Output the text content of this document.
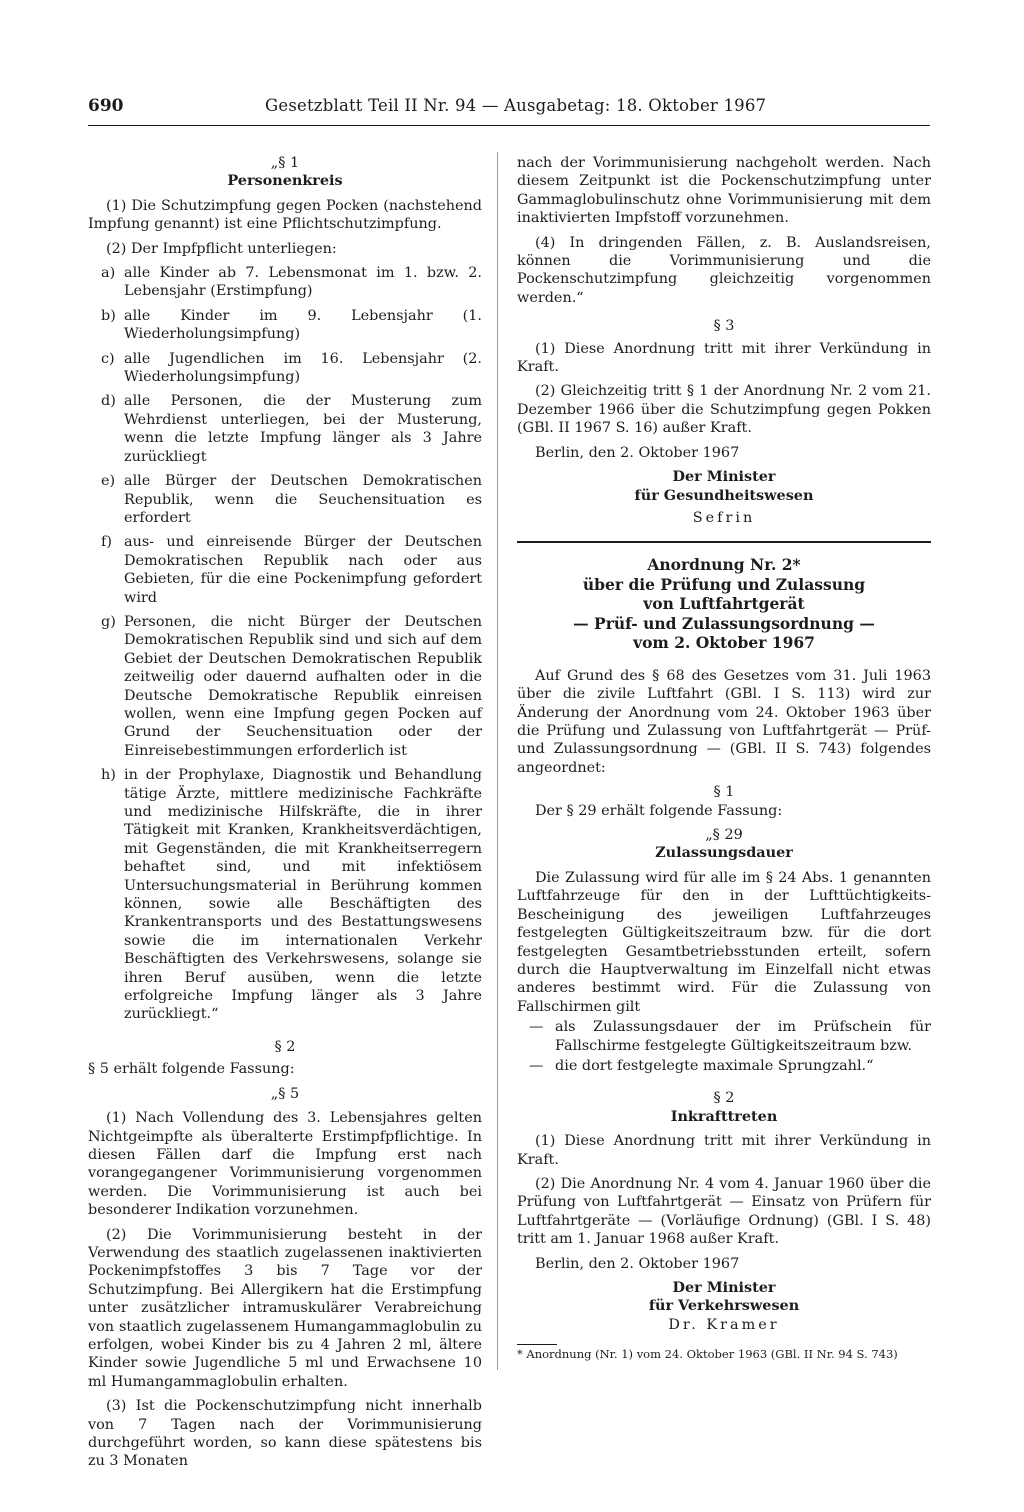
690	Gesetzblatt Teil II Nr. 94 — Ausgabetag: 18. Oktober 1967

„§ 1

Personenkreis

(1) Die Schutzimpfung gegen Pocken (nachstehend Impfung genannt) ist eine Pflichtschutzimpfung.

(2) Der Impfpflicht unterliegen:

a) alle Kinder ab 7. Lebensmonat im 1. bzw. 2. Lebensjahr (Erstimpfung)
b) alle Kinder im 9. Lebensjahr (1. Wiederholungsimpfung)
c) alle Jugendlichen im 16. Lebensjahr (2. Wiederholungsimpfung)
d) alle Personen, die der Musterung zum Wehrdienst unterliegen, bei der Musterung, wenn die letzte Impfung länger als 3 Jahre zurückliegt
e) alle Bürger der Deutschen Demokratischen Republik, wenn die Seuchensituation es erfordert
f) aus- und einreisende Bürger der Deutschen Demokratischen Republik nach oder aus Gebieten, für die eine Pockenimpfung gefordert wird
g) Personen, die nicht Bürger der Deutschen Demokratischen Republik sind und sich auf dem Gebiet der Deutschen Demokratischen Republik zeitweilig oder dauernd aufhalten oder in die Deutsche Demokratische Republik einreisen wollen, wenn eine Impfung gegen Pocken auf Grund der Seuchensituation oder der Einreisebestimmungen erforderlich ist
h) in der Prophylaxe, Diagnostik und Behandlung tätige Ärzte, mittlere medizinische Fachkräfte und medizinische Hilfskräfte, die in ihrer Tätigkeit mit Kranken, Krankheitsverdächtigen, mit Gegenständen, die mit Krankheitserregern behaftet sind, und mit infektiösem Untersuchungsmaterial in Berührung kommen können, sowie alle Beschäftigten des Krankentransports und des Bestattungswesens sowie die im internationalen Verkehr Beschäftigten des Verkehrswesens, solange sie ihren Beruf ausüben, wenn die letzte erfolgreiche Impfung länger als 3 Jahre zurückliegt.“

§ 2

§ 5 erhält folgende Fassung:

„§ 5

(1) Nach Vollendung des 3. Lebensjahres gelten Nichtgeimpfte als überalterte Erstimpfpflichtige. In diesen Fällen darf die Impfung erst nach vorangegangener Vorimmunisierung vorgenommen werden. Die Vorimmunisierung ist auch bei besonderer Indikation vorzunehmen.

(2) Die Vorimmunisierung besteht in der Verwendung des staatlich zugelassenen inaktivierten Pockenimpfstoffes 3 bis 7 Tage vor der Schutzimpfung. Bei Allergikern hat die Erstimpfung unter zusätzlicher intramuskulärer Verabreichung von staatlich zugelassenem Humangammaglobulin zu erfolgen, wobei Kinder bis zu 4 Jahren 2 ml, ältere Kinder sowie Jugendliche 5 ml und Erwachsene 10 ml Humangammaglobulin erhalten.

(3) Ist die Pockenschutzimpfung nicht innerhalb von 7 Tagen nach der Vorimmunisierung durchgeführt worden, so kann diese spätestens bis zu 3 Monaten

nach der Vorimmunisierung nachgeholt werden. Nach diesem Zeitpunkt ist die Pockenschutzimpfung unter Gammaglobulinschutz ohne Vorimmunisierung mit dem inaktivierten Impfstoff vorzunehmen.

(4) In dringenden Fällen, z. B. Auslandsreisen, können die Vorimmunisierung und die Pockenschutzimpfung gleichzeitig vorgenommen werden.“

§ 3

(1) Diese Anordnung tritt mit ihrer Verkündung in Kraft.

(2) Gleichzeitig tritt § 1 der Anordnung Nr. 2 vom 21. Dezember 1966 über die Schutzimpfung gegen Pokken (GBl. II 1967 S. 16) außer Kraft.

Berlin, den 2. Oktober 1967

Der Minister

für Gesundheitswesen

Sefrin

Anordnung Nr. 2*
über die Prüfung und Zulassung
von Luftfahrtgerät
— Prüf- und Zulassungsordnung —
vom 2. Oktober 1967

Auf Grund des § 68 des Gesetzes vom 31. Juli 1963 über die zivile Luftfahrt (GBl. I S. 113) wird zur Änderung der Anordnung vom 24. Oktober 1963 über die Prüfung und Zulassung von Luftfahrtgerät — Prüf- und Zulassungsordnung — (GBl. II S. 743) folgendes angeordnet:

§ 1

Der § 29 erhält folgende Fassung:

„§ 29

Zulassungsdauer

Die Zulassung wird für alle im § 24 Abs. 1 genannten Luftfahrzeuge für den in der Lufttüchtigkeits-Bescheinigung des jeweiligen Luftfahrzeuges festgelegten Gültigkeitszeitraum bzw. für die dort festgelegten Gesamtbetriebsstunden erteilt, sofern durch die Hauptverwaltung im Einzelfall nicht etwas anderes bestimmt wird. Für die Zulassung von Fallschirmen gilt

— als Zulassungsdauer der im Prüfschein für Fallschirme festgelegte Gültigkeitszeitraum bzw.
— die dort festgelegte maximale Sprungzahl.“

§ 2

Inkrafttreten

(1) Diese Anordnung tritt mit ihrer Verkündung in Kraft.

(2) Die Anordnung Nr. 4 vom 4. Januar 1960 über die Prüfung von Luftfahrtgerät — Einsatz von Prüfern für Luftfahrtgeräte — (Vorläufige Ordnung) (GBl. I S. 48) tritt am 1. Januar 1968 außer Kraft.

Berlin, den 2. Oktober 1967

Der Minister

für Verkehrswesen

Dr. Kramer

* Anordnung (Nr. 1) vom 24. Oktober 1963 (GBl. II Nr. 94 S. 743)
